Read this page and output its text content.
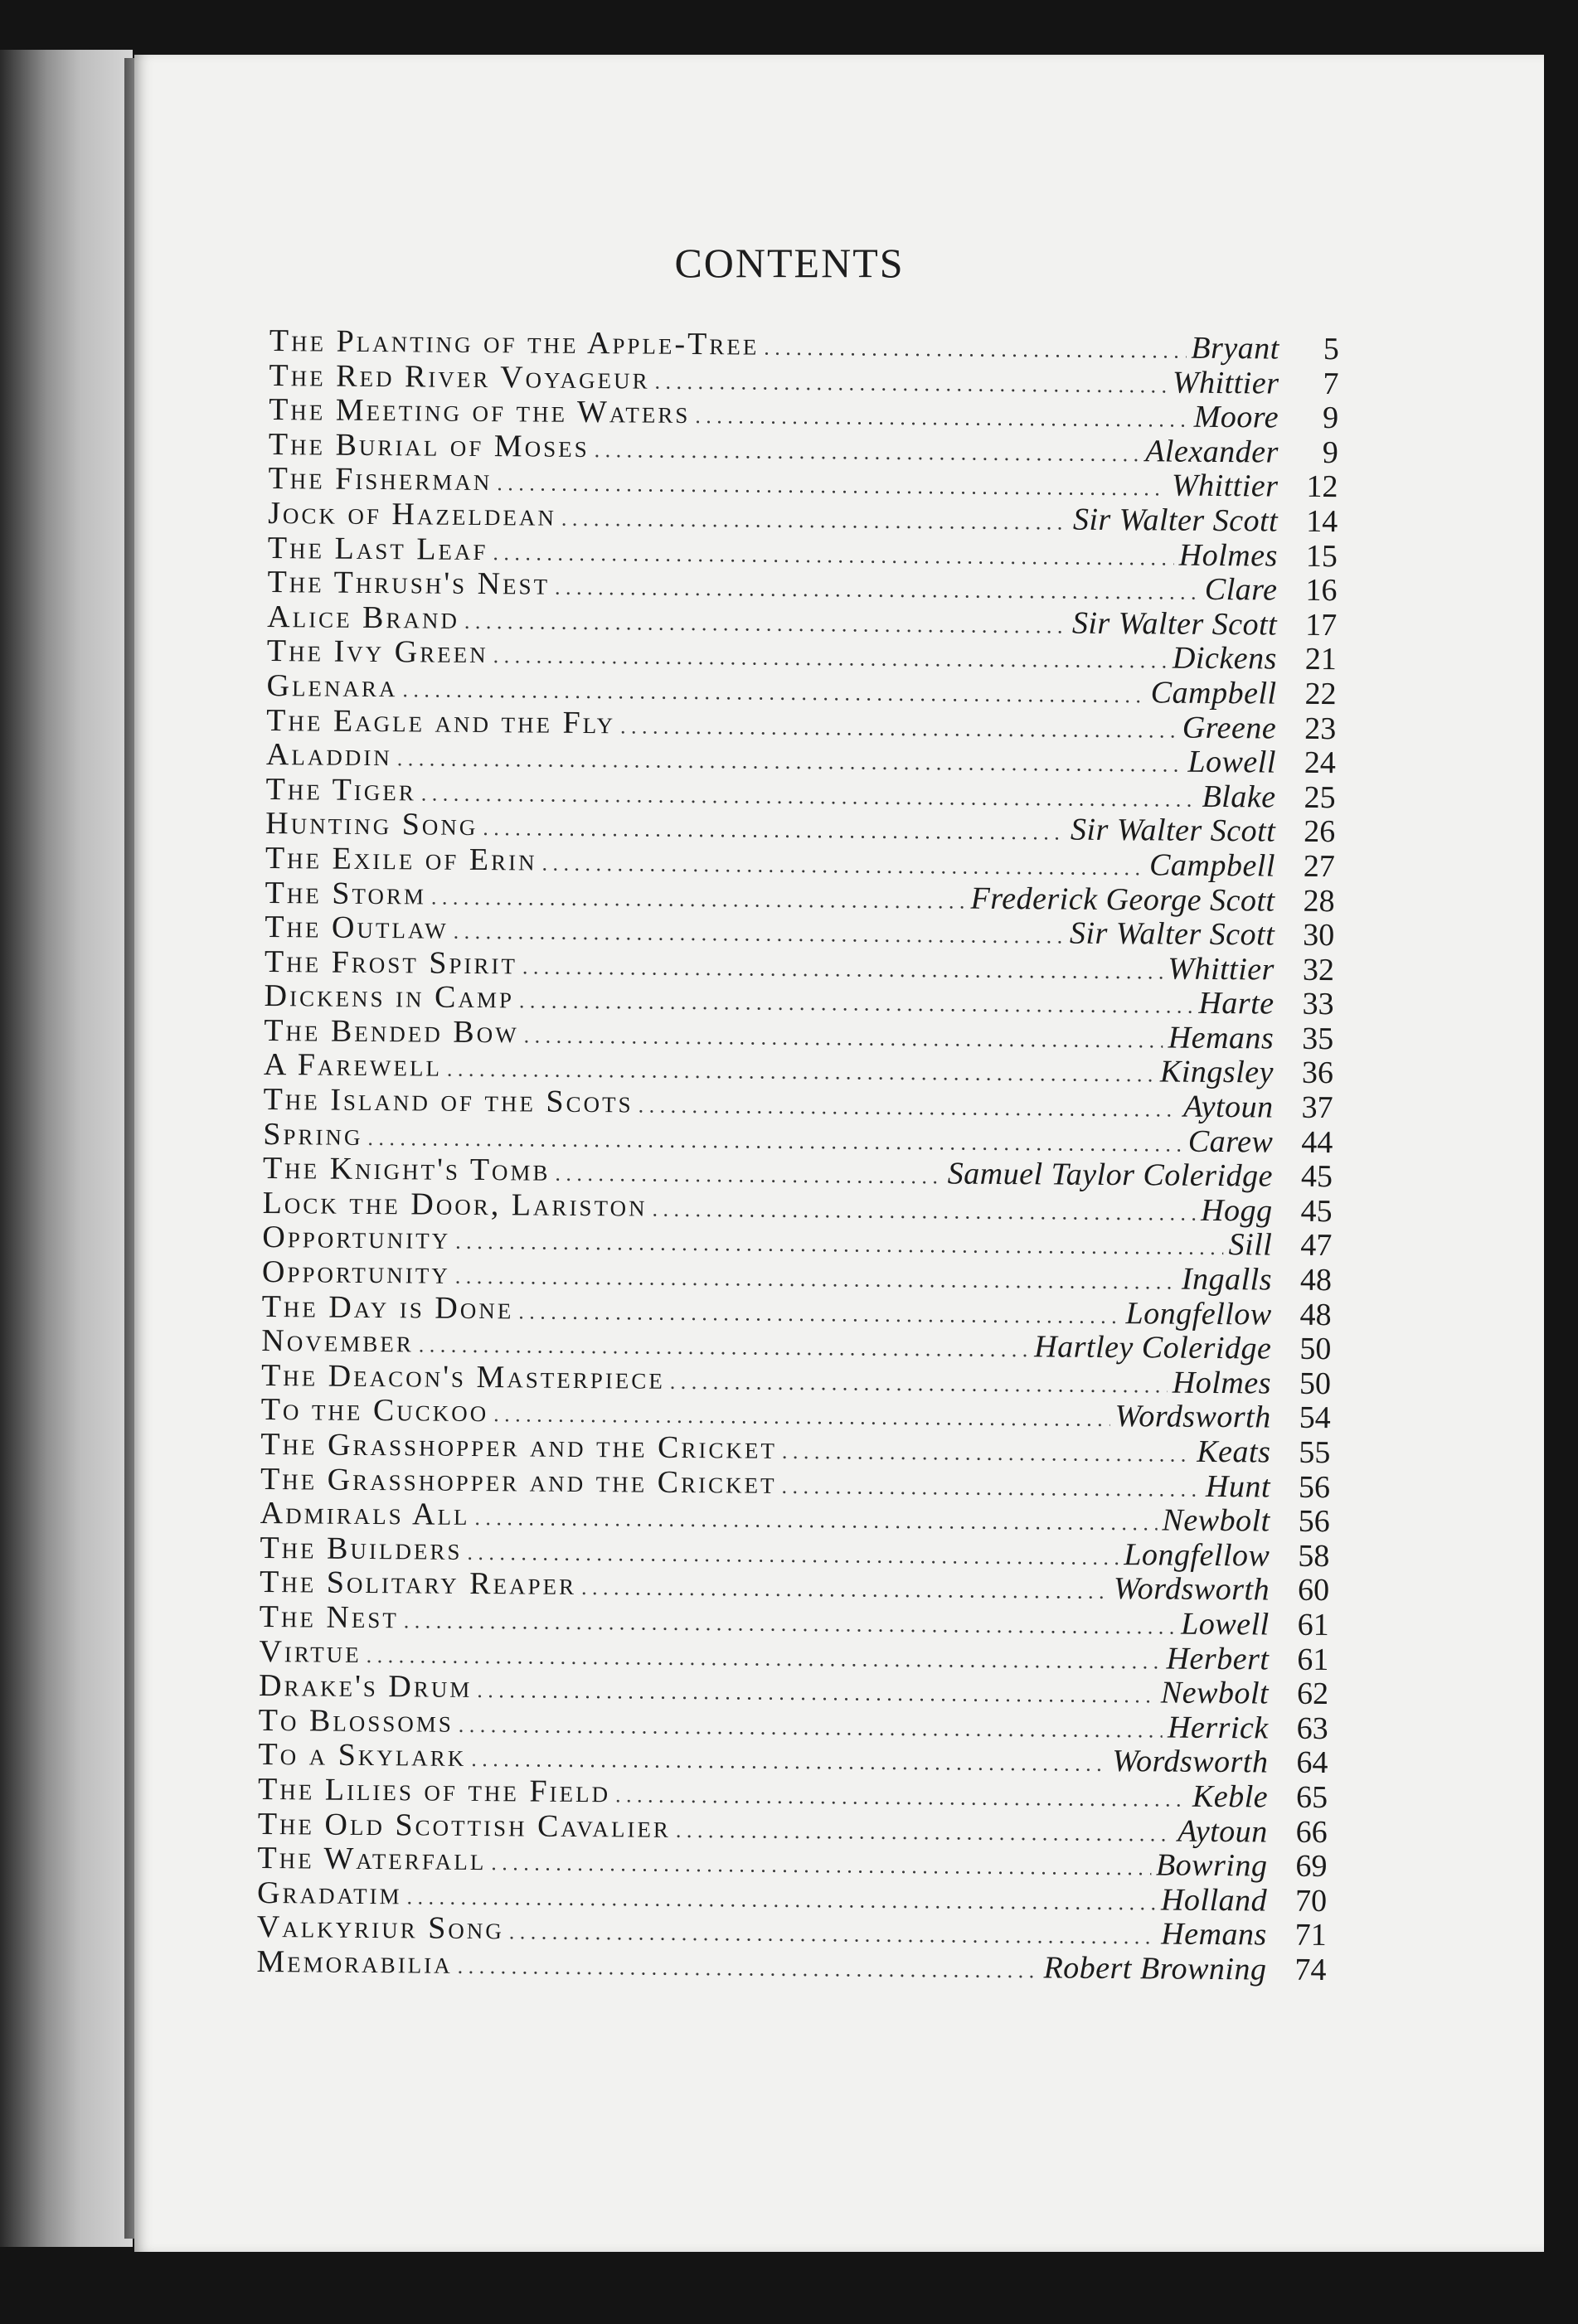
CONTENTS
The Planting of the Apple-Tree . . .	Bryant	5
The Red River Voyageur . . .	Whittier	7
The Meeting of the Waters . . .	Moore	9
The Burial of Moses . . .	Alexander	9
The Fisherman . . .	Whittier 12
Jock of Hazeldean . . .	Sir Walter Scott 14
The Last Leaf . . .	Holmes 15
The Thrush's Nest . . .	Clare 16
Alice Brand . . .	Sir Walter Scott 17
The Ivy Green . . .	Dickens 21
Glenara . . .	Campbell 22
The Eagle and the Fly . . .	Greene 23
Aladdin . . .	Lowell 24
The Tiger . . .	Blake 25
Hunting Song . . .	Sir Walter Scott 26
The Exile of Erin . . .	Campbell 27
The Storm . . .	Frederick George Scott 28
The Outlaw . . .	Sir Walter Scott 30
The Frost Spirit . . .	Whittier 32
Dickens in Camp . . .	Harte 33
The Bended Bow . . .	Hemans 35
A Farewell . . .	Kingsley 36
The Island of the Scots . . .	Aytoun 37
Spring . . .	Carew 44
The Knight's Tomb . . .	Samuel Taylor Coleridge 45
Lock the Door, Lariston . . .	Hogg 45
Opportunity . . .	Sill 47
Opportunity . . .	Ingalls 48
The Day is Done . . .	Longfellow 48
November . . .	Hartley Coleridge 50
The Deacon's Masterpiece . . .	Holmes 50
To the Cuckoo . . .	Wordsworth 54
The Grasshopper and the Cricket . . .	Keats 55
The Grasshopper and the Cricket . . .	Hunt 56
Admirals All . . .	Newbolt 56
The Builders . . .	Longfellow 58
The Solitary Reaper . . .	Wordsworth 60
The Nest . . .	Lowell 61
Virtue . . .	Herbert 61
Drake's Drum . . .	Newbolt 62
To Blossoms . . .	Herrick 63
To a Skylark . . .	Wordsworth 64
The Lilies of the Field . . .	Keble 65
The Old Scottish Cavalier . . .	Aytoun 66
The Waterfall . . .	Bowring 69
Gradatim . . .	Holland 70
Valkyriur Song . . .	Hemans 71
Memorabilia . . .	Robert Browning 74
